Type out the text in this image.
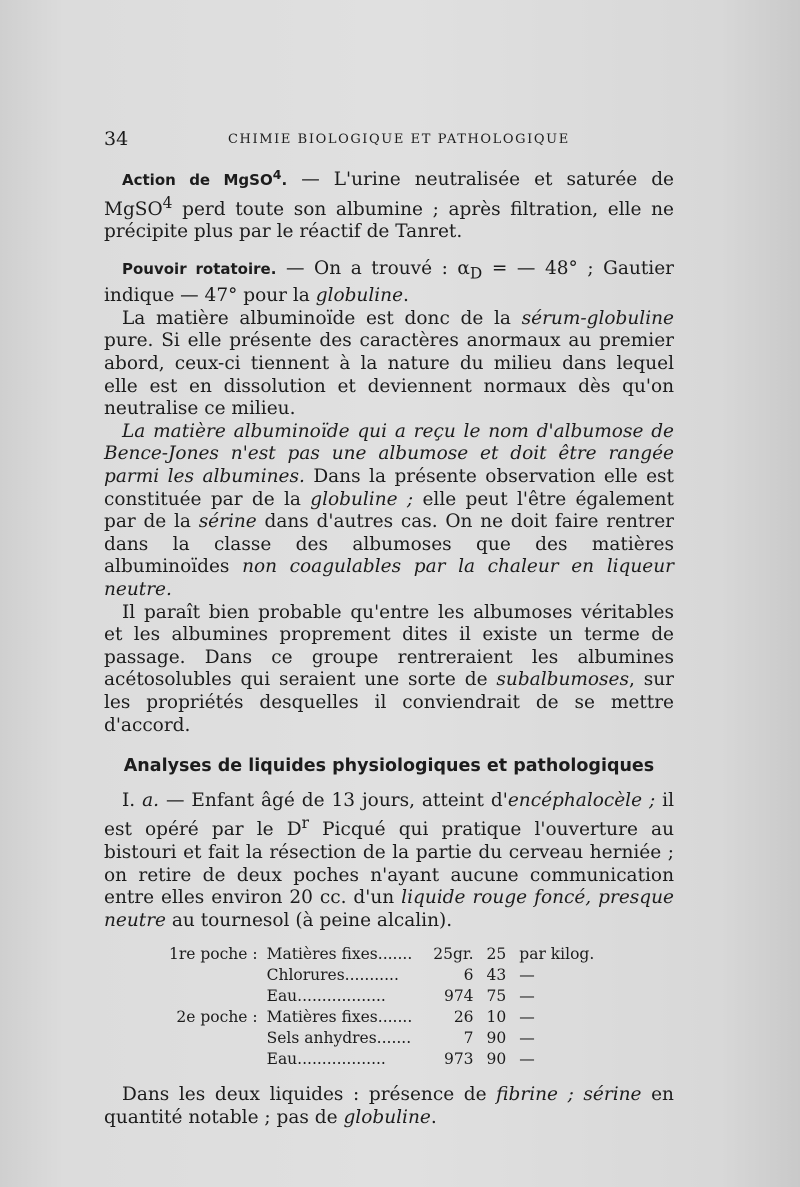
34	CHIMIE BIOLOGIQUE ET PATHOLOGIQUE

Action de MgSO$^4$. — L'urine neutralisée et saturée de MgSO$^4$ perd toute son albumine ; après filtration, elle ne précipite plus par le réactif de Tanret.

Pouvoir rotatoire. — On a trouvé : $\alpha_D$ = — 48° ; Gautier indique — 47° pour la globuline.

La matière albuminoïde est donc de la sérum-globuline pure. Si elle présente des caractères anormaux au premier abord, ceux-ci tiennent à la nature du milieu dans lequel elle est en dissolution et deviennent normaux dès qu'on neutralise ce milieu.

La matière albuminoïde qui a reçu le nom d'albumose de Bence-Jones n'est pas une albumose et doit être rangée parmi les albumines. Dans la présente observation elle est constituée par de la globuline ; elle peut l'être également par de la sérine dans d'autres cas. On ne doit faire rentrer dans la classe des albumoses que des matières albuminoïdes non coagulables par la chaleur en liqueur neutre.

Il paraît bien probable qu'entre les albumoses véritables et les albumines proprement dites il existe un terme de passage. Dans ce groupe rentreraient les albumines acétosolubles qui seraient une sorte de subalbumoses, sur les propriétés desquelles il conviendrait de se mettre d'accord.

Analyses de liquides physiologiques et pathologiques

I. a. — Enfant âgé de 13 jours, atteint d'encéphalocèle ; il est opéré par le $D^r$ Picqué qui pratique l'ouverture au bistouri et fait la résection de la partie du cerveau herniée ; on retire de deux poches n'ayant aucune communication entre elles environ 20 cc. d'un liquide rouge foncé, presque neutre au tournesol (à peine alcalin).

1re poche :	Matières fixes.......	25gr.	25	par kilog.
	Chlorures...........	6	43	—
	Eau..................	974	75	—
2e poche :	Matières fixes.......	26	10	—
	Sels anhydres.......	7	90	—
	Eau..................	973	90	—

Dans les deux liquides : présence de fibrine ; sérine en quantité notable ; pas de globuline.
